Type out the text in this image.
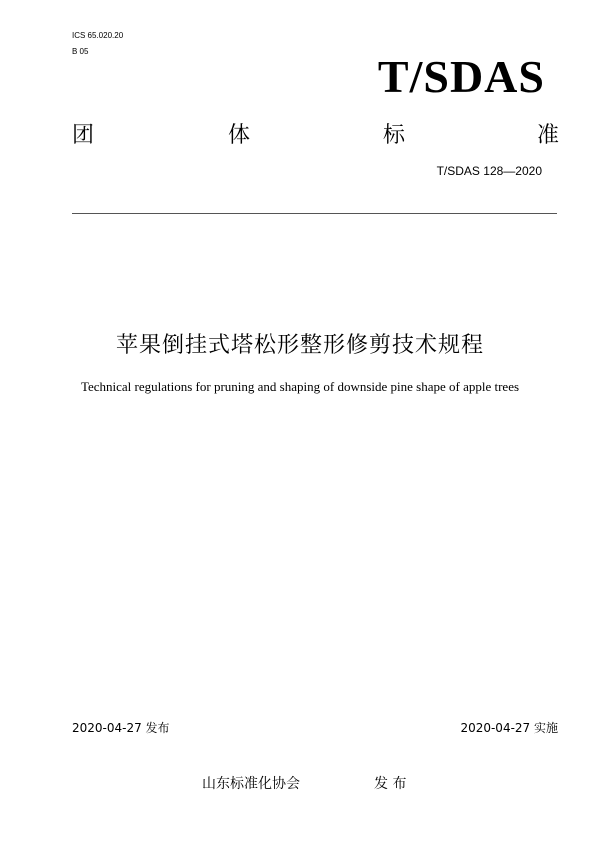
ICS 65.020.20
B 05	T/SDAS
团	体	标	准
T/SDAS 128—2020
苹果倒挂式塔松形整形修剪技术规程
Technical regulations for pruning and shaping of downside pine shape of apple trees
2020-04-27 发布	2020-04-27 实施
山东标准化协会	发 布
